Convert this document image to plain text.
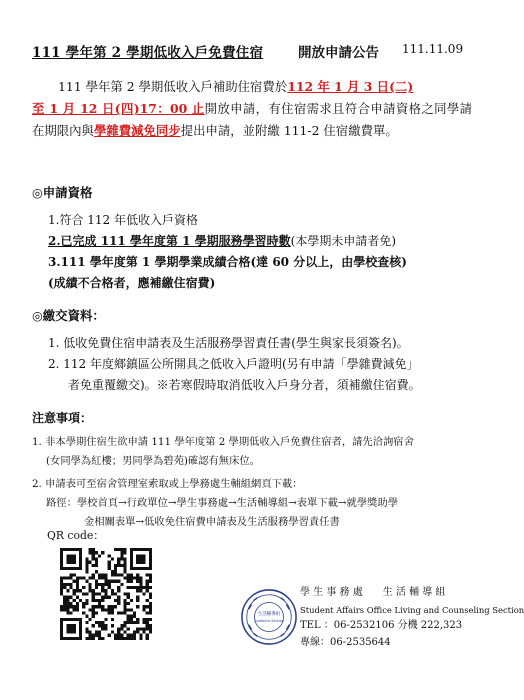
111 學年第 2 學期低收入戶免費住宿	開放申請公告 111.11.09
111 學年第 2 學期低收入戶補助住宿費於112 年 1 月 3 日(二)
至 1 月 12 日(四)17：00 止開放申請，有住宿需求且符合申請資格之同學請在期限內與學雜費減免同步提出申請，並附繳 111-2 住宿繳費單。
◎申請資格
1.符合 112 年低收入戶資格
2.已完成 111 學年度第 1 學期服務學習時數(本學期未申請者免)
3.111 學年度第 1 學期學業成績合格(達 60 分以上，由學校查核)
(成績不合格者，應補繳住宿費)
◎繳交資料：
1. 低收免費住宿申請表及生活服務學習責任書(學生與家長須簽名)。
2. 112 年度鄉鎮區公所開具之低收入戶證明(另有申請「學雜費減免」
者免重覆繳交)。※若寒假時取消低收入戶身分者，須補繳住宿費。
注意事項：
1. 非本學期住宿生欲申請 111 學年度第 2 學期低收入戶免費住宿者，請先洽詢宿舍
(女同學為紅樓；男同學為碧苑)確認有無床位。
2. 申請表可至宿舍管理室索取或上學務處生輔組網頁下載：
路徑：學校首頁→行政單位→學生事務處→生活輔導組→表單下載→就學獎助學
金相關表單→低收免住宿費申請表及生活服務學習責任書
QR code：
生活輔導組
Guidance Section
學 生 事 務 處　　生 活 輔 導 組
Student Affairs Office Living and Counseling Section
TEL ：06-2532106 分機 222,323
專線：06-2535644
